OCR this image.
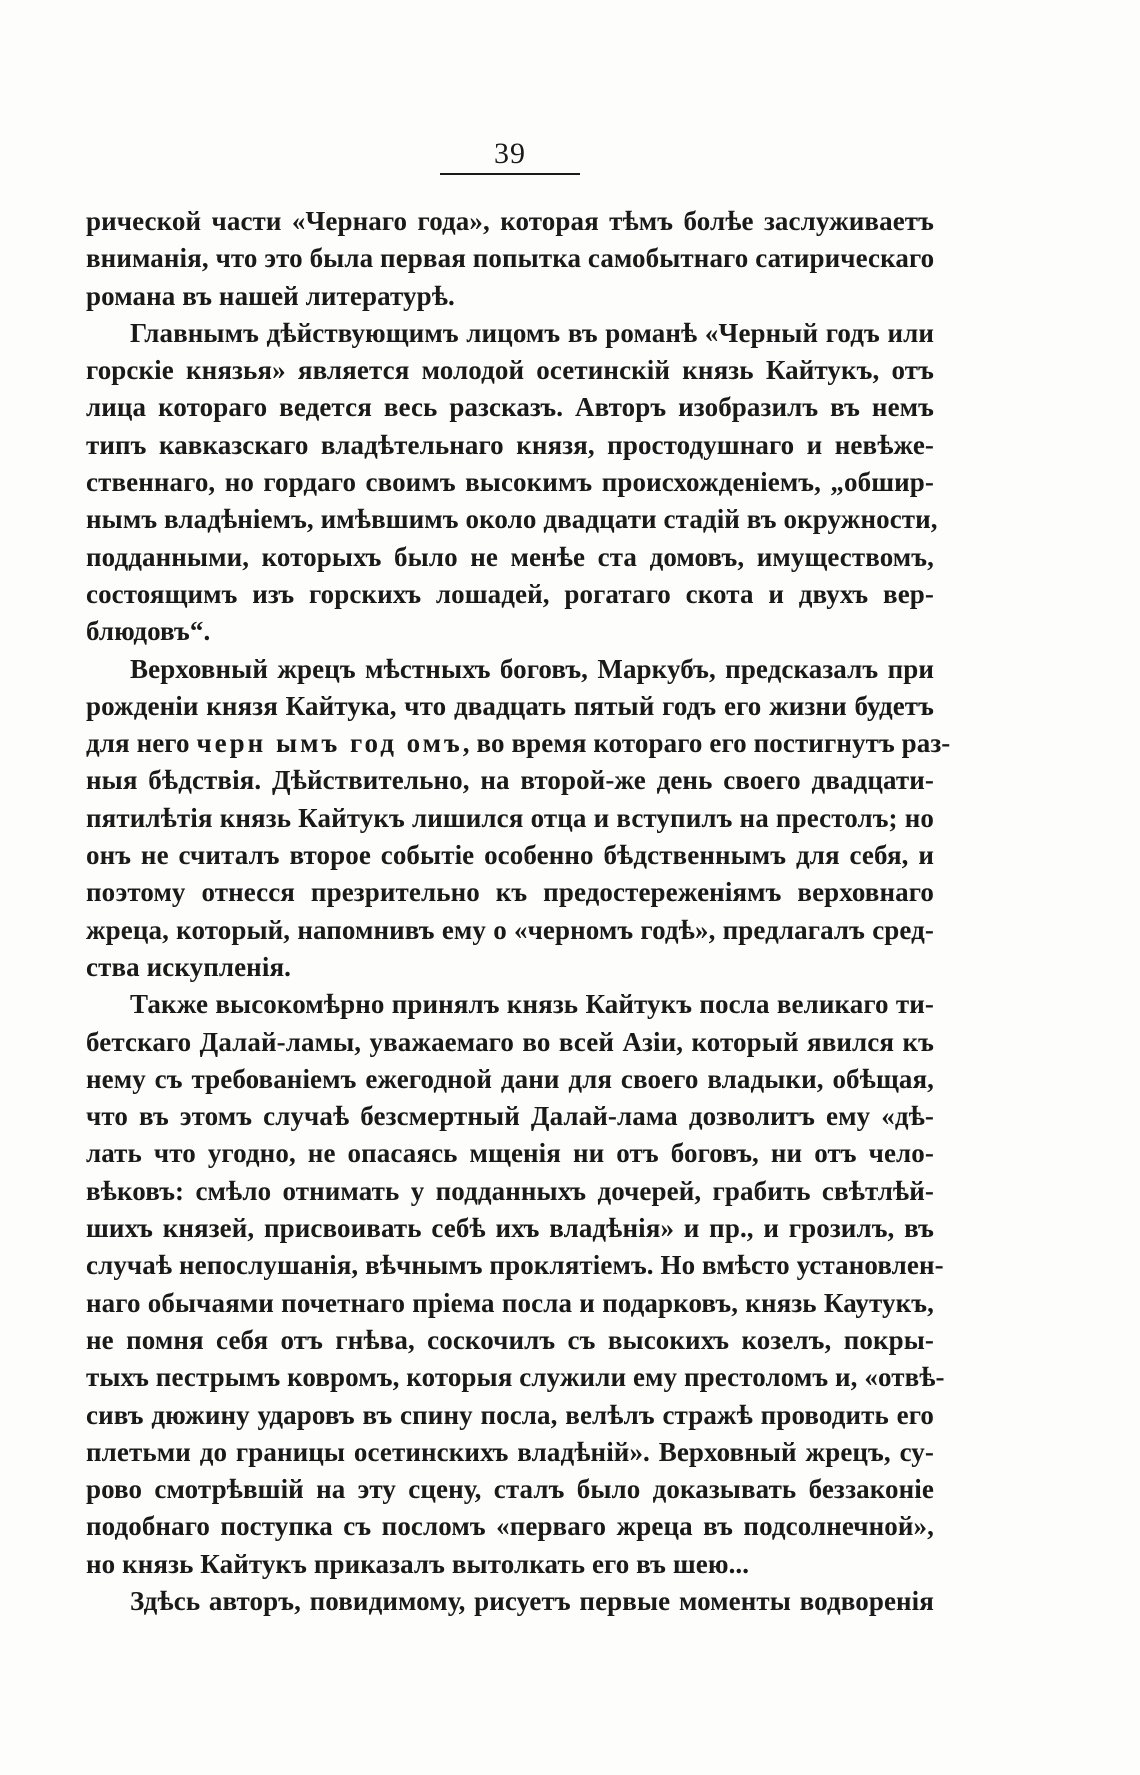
39

рической части «Чернаго года», которая тѣмъ болѣе заслуживаетъ
вниманія, что это была первая попытка самобытнаго сатирическаго
романа въ нашей литературѣ.

Главнымъ дѣйствующимъ лицомъ въ романѣ «Черный годъ или
горскіе князья» является молодой осетинскій князь Кайтукъ, отъ
лица котораго ведется весь разсказъ. Авторъ изобразилъ въ немъ
типъ кавказскаго владѣтельнаго князя, простодушнаго и невѣже-
ственнаго, но гордаго своимъ высокимъ происхожденіемъ, „обшир-
нымъ владѣніемъ, имѣвшимъ около двадцати стадій въ окружности,
подданными, которыхъ было не менѣе ста домовъ, имуществомъ,
состоящимъ изъ горскихъ лошадей, рогатаго скота и двухъ вер-
блюдовъ“.

Верховный жрецъ мѣстныхъ боговъ, Маркубъ, предсказалъ при
рожденіи князя Кайтука, что двадцать пятый годъ его жизни будетъ
для него черн ымъ год омъ, во время котораго его постигнутъ раз-
ныя бѣдствія. Дѣйствительно, на второй-же день своего двадцати-
пятилѣтія князь Кайтукъ лишился отца и вступилъ на престолъ; но
онъ не считалъ второе событіе особенно бѣдственнымъ для себя, и
поэтому отнесся презрительно къ предостереженіямъ верховнаго
жреца, который, напомнивъ ему о «черномъ годѣ», предлагалъ сред-
ства искупленія.

Также высокомѣрно принялъ князь Кайтукъ посла великаго ти-
бетскаго Далай-ламы, уважаемаго во всей Азіи, который явился къ
нему съ требованіемъ ежегодной дани для своего владыки, обѣщая,
что въ этомъ случаѣ безсмертный Далай-лама дозволитъ ему «дѣ-
лать что угодно, не опасаясь мщенія ни отъ боговъ, ни отъ чело-
вѣковъ: смѣло отнимать у подданныхъ дочерей, грабить свѣтлѣй-
шихъ князей, присвоивать себѣ ихъ владѣнія» и пр., и грозилъ, въ
случаѣ непослушанія, вѣчнымъ проклятіемъ. Но вмѣсто установлен-
наго обычаями почетнаго пріема посла и подарковъ, князь Каутукъ,
не помня себя отъ гнѣва, соскочилъ съ высокихъ козелъ, покры-
тыхъ пестрымъ ковромъ, которыя служили ему престоломъ и, «отвѣ-
сивъ дюжину ударовъ въ спину посла, велѣлъ стражѣ проводить его
плетьми до границы осетинскихъ владѣній». Верховный жрецъ, су-
рово смотрѣвшій на эту сцену, сталъ было доказывать беззаконіе
подобнаго поступка съ посломъ «перваго жреца въ подсолнечной»,
но князь Кайтукъ приказалъ вытолкать его въ шею...

Здѣсь авторъ, повидимому, рисуетъ первые моменты водворенія
